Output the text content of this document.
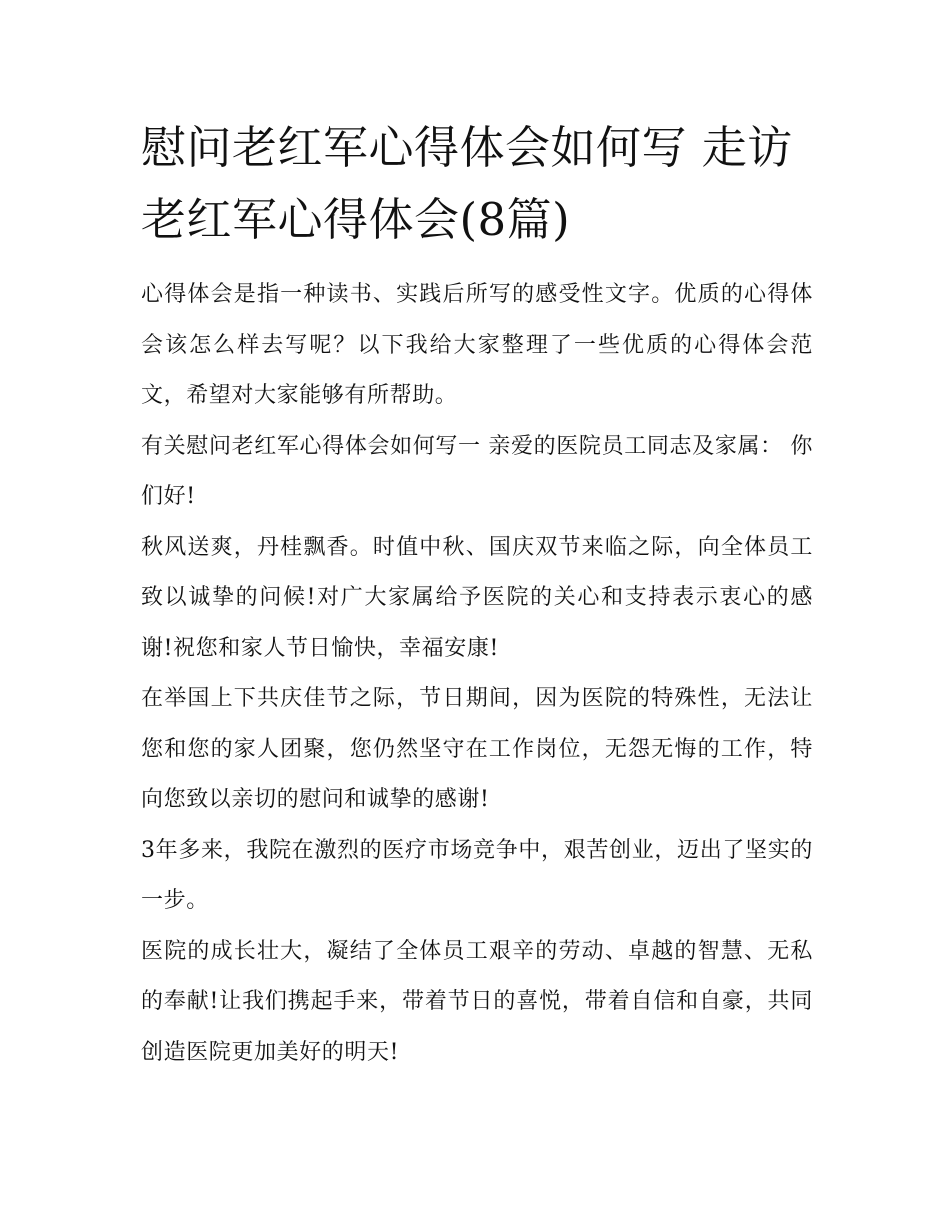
慰问老红军心得体会如何写 走访老红军心得体会(8篇)

心得体会是指一种读书、实践后所写的感受性文字。优质的心得体会该怎么样去写呢？以下我给大家整理了一些优质的心得体会范文，希望对大家能够有所帮助。

有关慰问老红军心得体会如何写一 亲爱的医院员工同志及家属： 你们好!

秋风送爽，丹桂飘香。时值中秋、国庆双节来临之际，向全体员工致以诚挚的问候!对广大家属给予医院的关心和支持表示衷心的感谢!祝您和家人节日愉快，幸福安康!

在举国上下共庆佳节之际，节日期间，因为医院的特殊性，无法让您和您的家人团聚，您仍然坚守在工作岗位，无怨无悔的工作，特向您致以亲切的慰问和诚挚的感谢!

3年多来，我院在激烈的医疗市场竞争中，艰苦创业，迈出了坚实的一步。

医院的成长壮大，凝结了全体员工艰辛的劳动、卓越的智慧、无私的奉献!让我们携起手来，带着节日的喜悦，带着自信和自豪，共同创造医院更加美好的明天!
